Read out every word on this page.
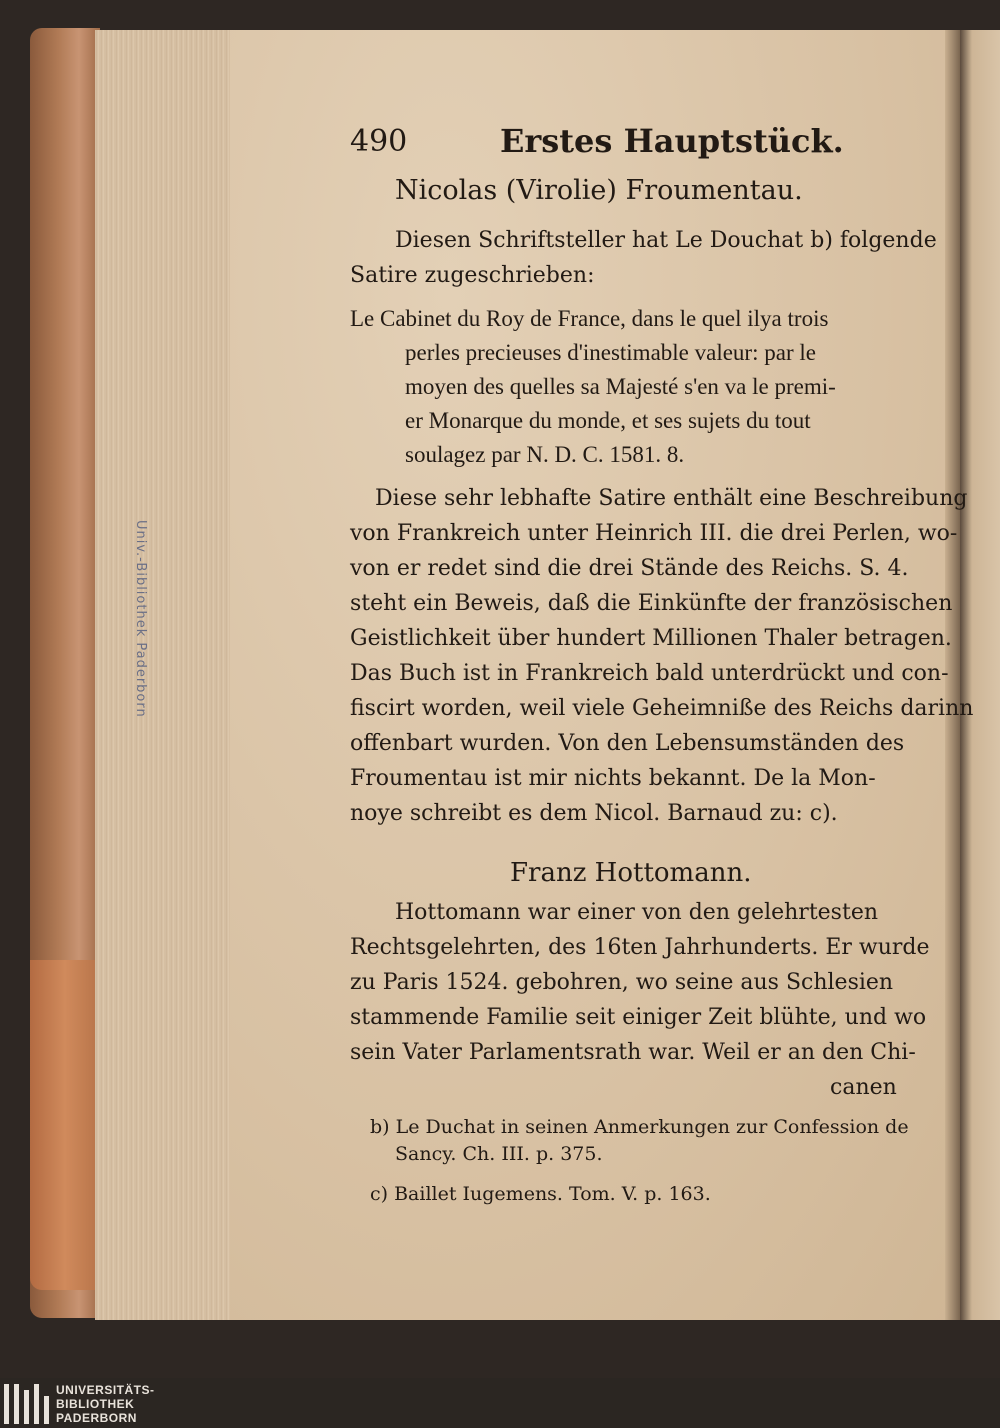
Univ.-Bibliothek Paderborn
490	Erstes Hauptstück.
Nicolas (Virolie) Froumentau.
Diesen Schriftsteller hat Le Douchat b) folgende
Satire zugeschrieben:
Le Cabinet du Roy de France, dans le quel ilya trois
perles precieuses d'inestimable valeur: par le
moyen des quelles sa Majesté s'en va le premi-
er Monarque du monde, et ses sujets du tout
soulagez par N. D. C. 1581. 8.
Diese sehr lebhafte Satire enthält eine Beschreibung
von Frankreich unter Heinrich III. die drei Perlen, wo-
von er redet sind die drei Stände des Reichs. S. 4.
steht ein Beweis, daß die Einkünfte der französischen
Geistlichkeit über hundert Millionen Thaler betragen.
Das Buch ist in Frankreich bald unterdrückt und con-
fiscirt worden, weil viele Geheimniße des Reichs darinn
offenbart wurden. Von den Lebensumständen des
Froumentau ist mir nichts bekannt. De la Mon-
noye schreibt es dem Nicol. Barnaud zu: c).
Franz Hottomann.
Hottomann war einer von den gelehrtesten
Rechtsgelehrten, des 16ten Jahrhunderts. Er wurde
zu Paris 1524. gebohren, wo seine aus Schlesien
stammende Familie seit einiger Zeit blühte, und wo
sein Vater Parlamentsrath war. Weil er an den Chi-
canen
b) Le Duchat in seinen Anmerkungen zur Confession de
Sancy. Ch. III. p. 375.
c) Baillet Iugemens. Tom. V. p. 163.
UNIVERSITÄTS-
BIBLIOTHEK
PADERBORN
